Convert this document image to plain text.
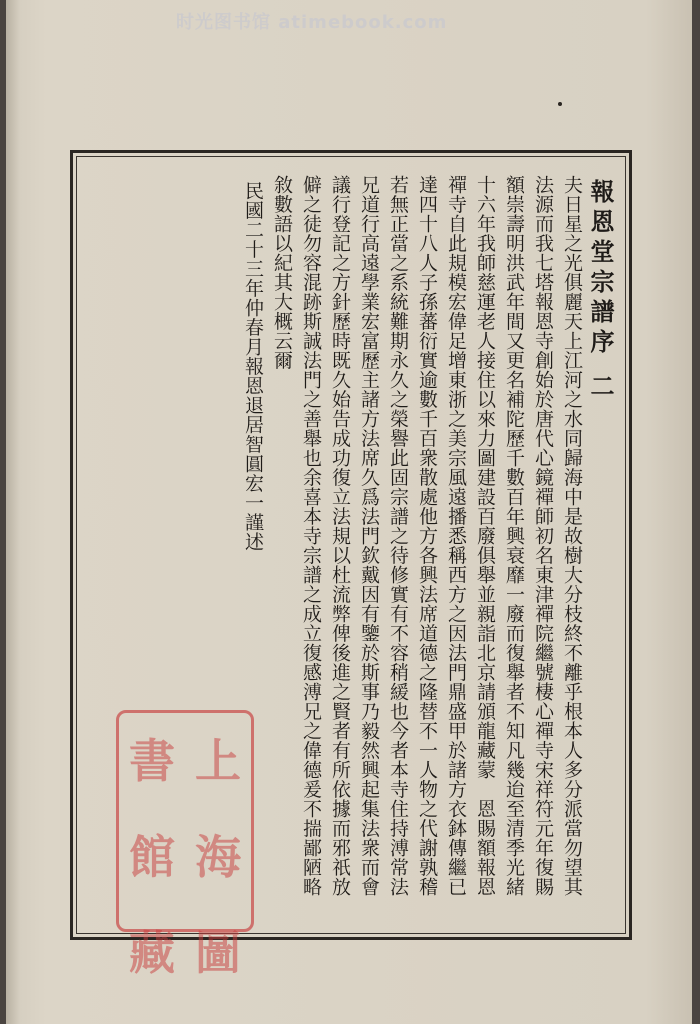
时光图书馆 atimebook.com
報恩堂宗譜序 二
夫日星之光俱麗天上江河之水同歸海中是故樹大分枝終不離乎根本人多分派當勿望其
法源而我七塔報恩寺創始於唐代心鏡禪師初名東津禪院繼號棲心禪寺宋祥符元年復賜
額崇壽明洪武年間又更名補陀歷千數百年興衰靡一廢而復舉者不知凡幾迨至清季光緒
十六年我師慈運老人接住以來力圖建設百廢俱舉並親詣北京請頒龍藏蒙　恩賜額報恩
禪寺自此規模宏偉足增東浙之美宗風遠播悉稱西方之因法門鼎盛甲於諸方衣鉢傳繼已
達四十八人子孫蕃衍實逾數千百衆散處他方各興法席道德之隆替不一人物之代謝孰稽
若無正當之系統難期永久之榮譽此固宗譜之待修實有不容稍緩也今者本寺住持溥常法
兄道行高遠學業宏富歷主諸方法席久爲法門欽戴因有鑒於斯事乃毅然興起集法衆而會
議行登記之方針歷時既久始告成功復立法規以杜流弊俾後進之賢者有所依據而邪祇放
僻之徒勿容混跡斯誠法門之善舉也余喜本寺宗譜之成立復感溥兄之偉德爰不揣鄙陋略
敘數語以紀其大概云爾
民國二十三年仲春月報恩退居智圓宏一謹述
書 上
館 海
藏 圖
